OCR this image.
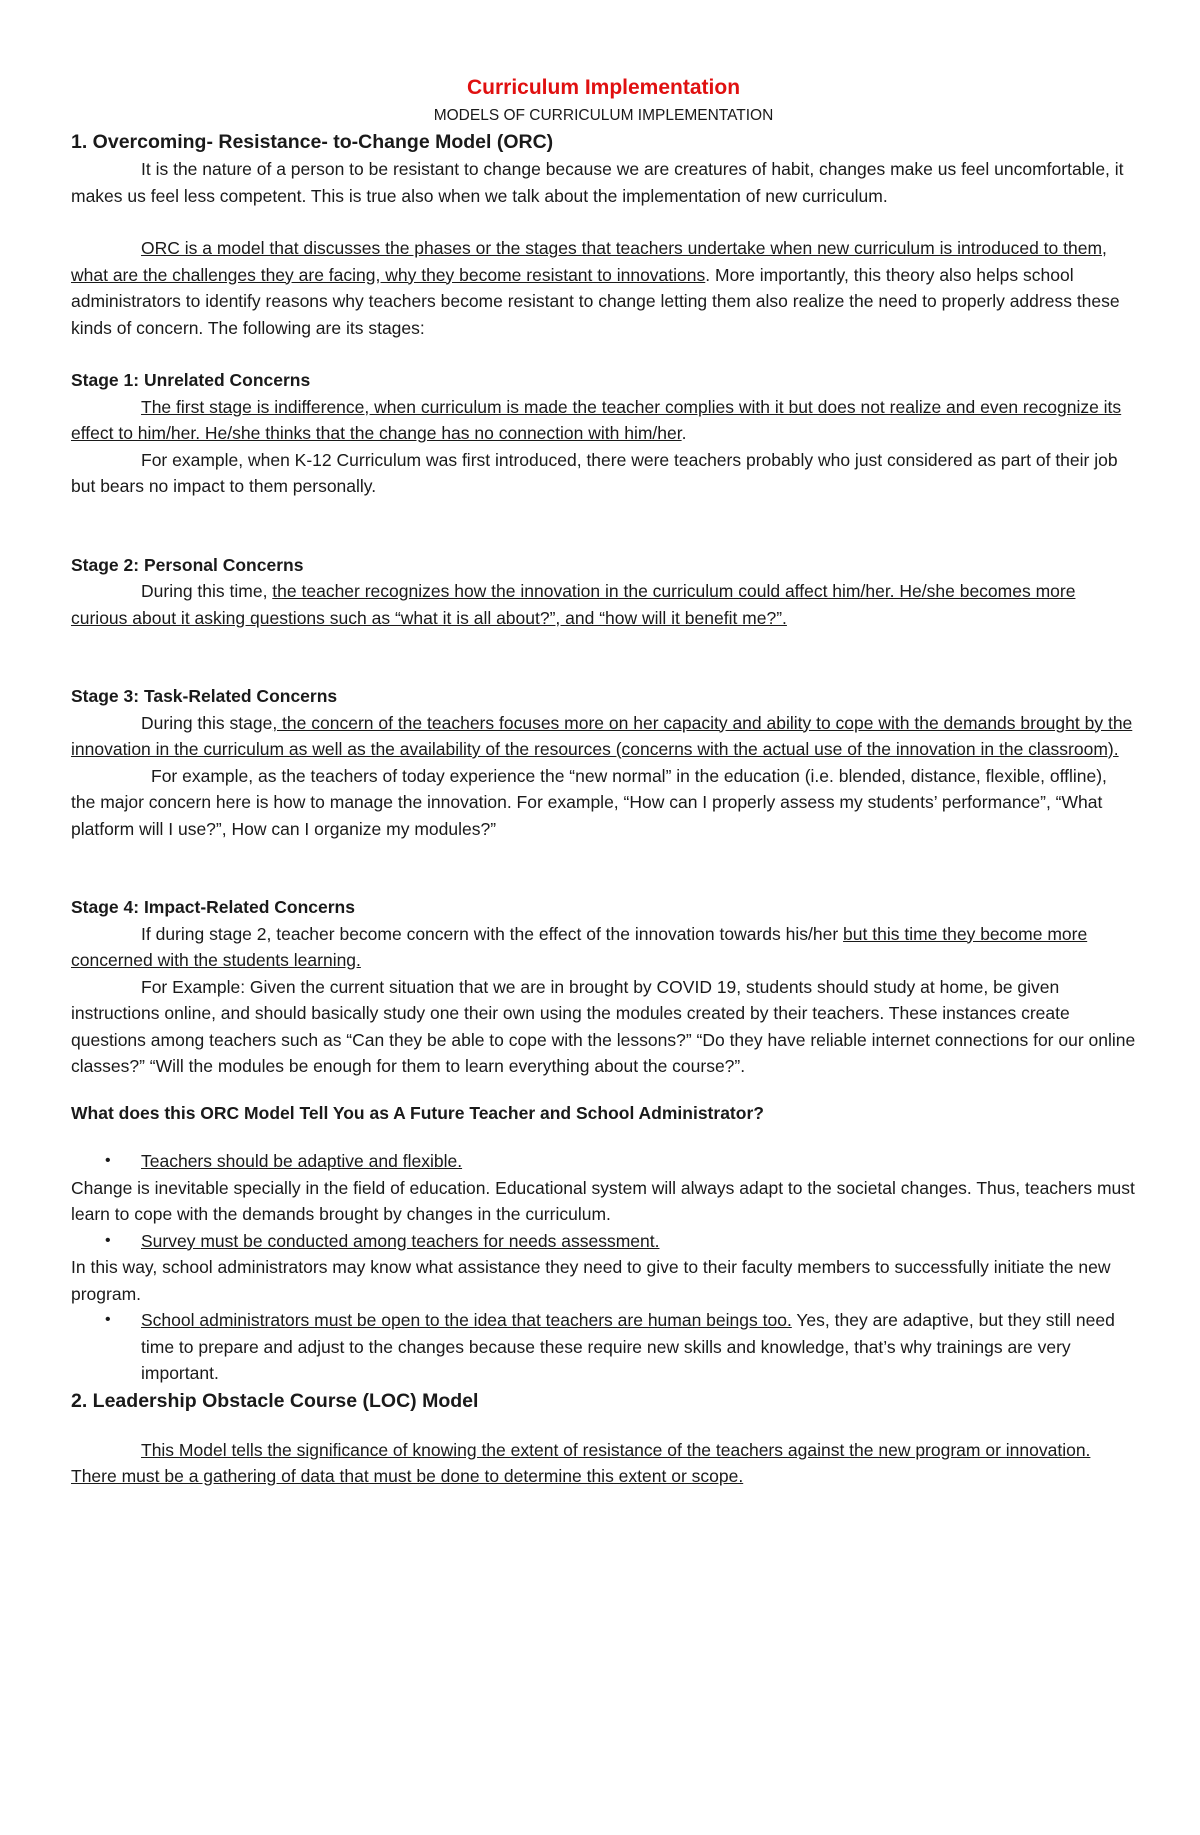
Curriculum Implementation
MODELS OF CURRICULUM IMPLEMENTATION
1. Overcoming- Resistance- to-Change Model (ORC)

It is the nature of a person to be resistant to change because we are creatures of habit, changes make us feel uncomfortable, it makes us feel less competent. This is true also when we talk about the implementation of new curriculum.

ORC is a model that discusses the phases or the stages that teachers undertake when new curriculum is introduced to them, what are the challenges they are facing, why they become resistant to innovations. More importantly, this theory also helps school administrators to identify reasons why teachers become resistant to change letting them also realize the need to properly address these kinds of concern. The following are its stages:

Stage 1: Unrelated Concerns

The first stage is indifference, when curriculum is made the teacher complies with it but does not realize and even recognize its effect to him/her. He/she thinks that the change has no connection with him/her.

For example, when K-12 Curriculum was first introduced, there were teachers probably who just considered as part of their job but bears no impact to them personally.

Stage 2: Personal Concerns

During this time, the teacher recognizes how the innovation in the curriculum could affect him/her. He/she becomes more curious about it asking questions such as “what it is all about?”, and “how will it benefit me?”.

Stage 3: Task-Related Concerns

During this stage, the concern of the teachers focuses more on her capacity and ability to cope with the demands brought by the innovation in the curriculum as well as the availability of the resources (concerns with the actual use of the innovation in the classroom).

For example, as the teachers of today experience the “new normal” in the education (i.e. blended, distance, flexible, offline), the major concern here is how to manage the innovation. For example, “How can I properly assess my students’ performance”, “What platform will I use?”, How can I organize my modules?”

Stage 4: Impact-Related Concerns

If during stage 2, teacher become concern with the effect of the innovation towards his/her but this time they become more concerned with the students learning.

For Example: Given the current situation that we are in brought by COVID 19, students should study at home, be given instructions online, and should basically study one their own using the modules created by their teachers. These instances create questions among teachers such as “Can they be able to cope with the lessons?” “Do they have reliable internet connections for our online classes?” “Will the modules be enough for them to learn everything about the course?”.

What does this ORC Model Tell You as A Future Teacher and School Administrator?

• Teachers should be adaptive and flexible.

Change is inevitable specially in the field of education. Educational system will always adapt to the societal changes. Thus, teachers must learn to cope with the demands brought by changes in the curriculum.

• Survey must be conducted among teachers for needs assessment.

In this way, school administrators may know what assistance they need to give to their faculty members to successfully initiate the new program.

• School administrators must be open to the idea that teachers are human beings too. Yes, they are adaptive, but they still need time to prepare and adjust to the changes because these require new skills and knowledge, that’s why trainings are very important.
2. Leadership Obstacle Course (LOC) Model

This Model tells the significance of knowing the extent of resistance of the teachers against the new program or innovation. There must be a gathering of data that must be done to determine this extent or scope.
